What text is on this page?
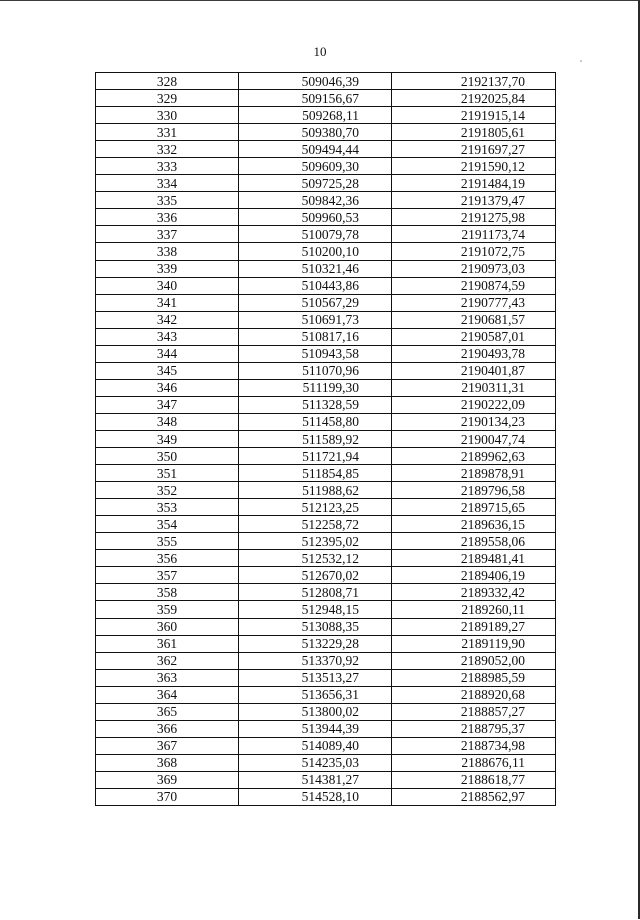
10
328	509046,39	2192137,70
329	509156,67	2192025,84
330	509268,11	2191915,14
331	509380,70	2191805,61
332	509494,44	2191697,27
333	509609,30	2191590,12
334	509725,28	2191484,19
335	509842,36	2191379,47
336	509960,53	2191275,98
337	510079,78	2191173,74
338	510200,10	2191072,75
339	510321,46	2190973,03
340	510443,86	2190874,59
341	510567,29	2190777,43
342	510691,73	2190681,57
343	510817,16	2190587,01
344	510943,58	2190493,78
345	511070,96	2190401,87
346	511199,30	2190311,31
347	511328,59	2190222,09
348	511458,80	2190134,23
349	511589,92	2190047,74
350	511721,94	2189962,63
351	511854,85	2189878,91
352	511988,62	2189796,58
353	512123,25	2189715,65
354	512258,72	2189636,15
355	512395,02	2189558,06
356	512532,12	2189481,41
357	512670,02	2189406,19
358	512808,71	2189332,42
359	512948,15	2189260,11
360	513088,35	2189189,27
361	513229,28	2189119,90
362	513370,92	2189052,00
363	513513,27	2188985,59
364	513656,31	2188920,68
365	513800,02	2188857,27
366	513944,39	2188795,37
367	514089,40	2188734,98
368	514235,03	2188676,11
369	514381,27	2188618,77
370	514528,10	2188562,97
